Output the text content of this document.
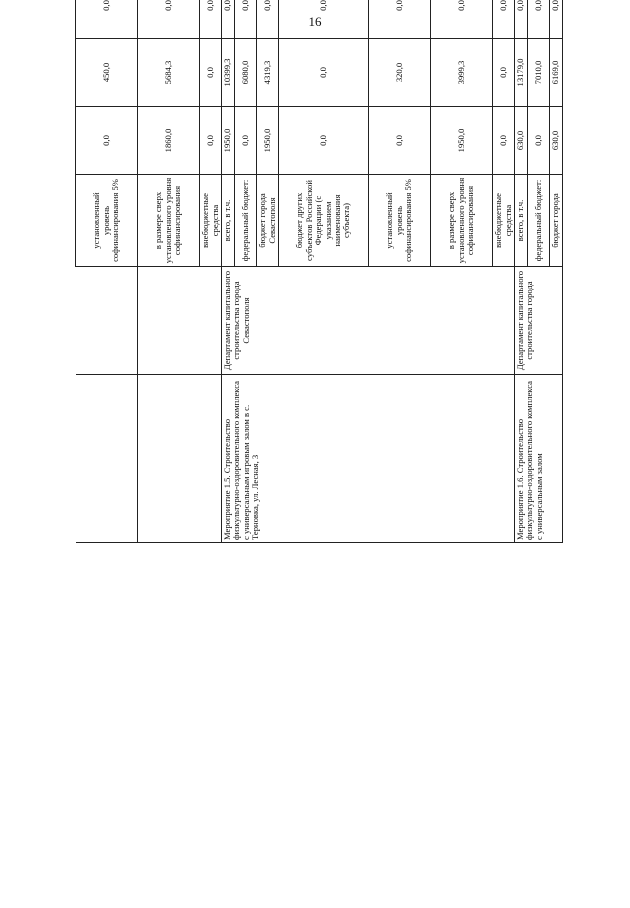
16
		установленный уровень софинансирования 5%	0,0	450,0	0,0				
		в размере сверх установленного уровня софинансирования	1860,0	5684,3	0,0				
		внебюджетные средства	0,0	0,0	0,0				
Мероприятие 1.5. Строительство физкультурно-оздоровительного комплекса с универсальным игровым залом в с. Терновка, ул. Лесная, 3	Департамент капитального строительства города Севастополя	всего, в т.ч.	1950,0	10399,3	0,0				
		федеральный бюджет:	0,0	6080,0	0,0				
		бюджет города Севастополя	1950,0	4319,3	0,0				
		бюджет других субъектов Российской Федерации (с указанием наименования субъекта)	0,0	0,0	0,0				
		установленный уровень софинансирования 5%	0,0	320,0	0,0				
		в размере сверх установленного уровня софинансирования	1950,0	3999,3	0,0				
		внебюджетные средства	0,0	0,0	0,0				
Мероприятие 1.6. Строительство физкультурно-оздоровительного комплекса с универсальным залом	Департамент капитального строительства города	всего, в т.ч.	630,0	13179,0	0,0				
		федеральный бюджет:	0,0	7010,0	0,0				
		бюджет города	630,0	6169,0	0,0				
